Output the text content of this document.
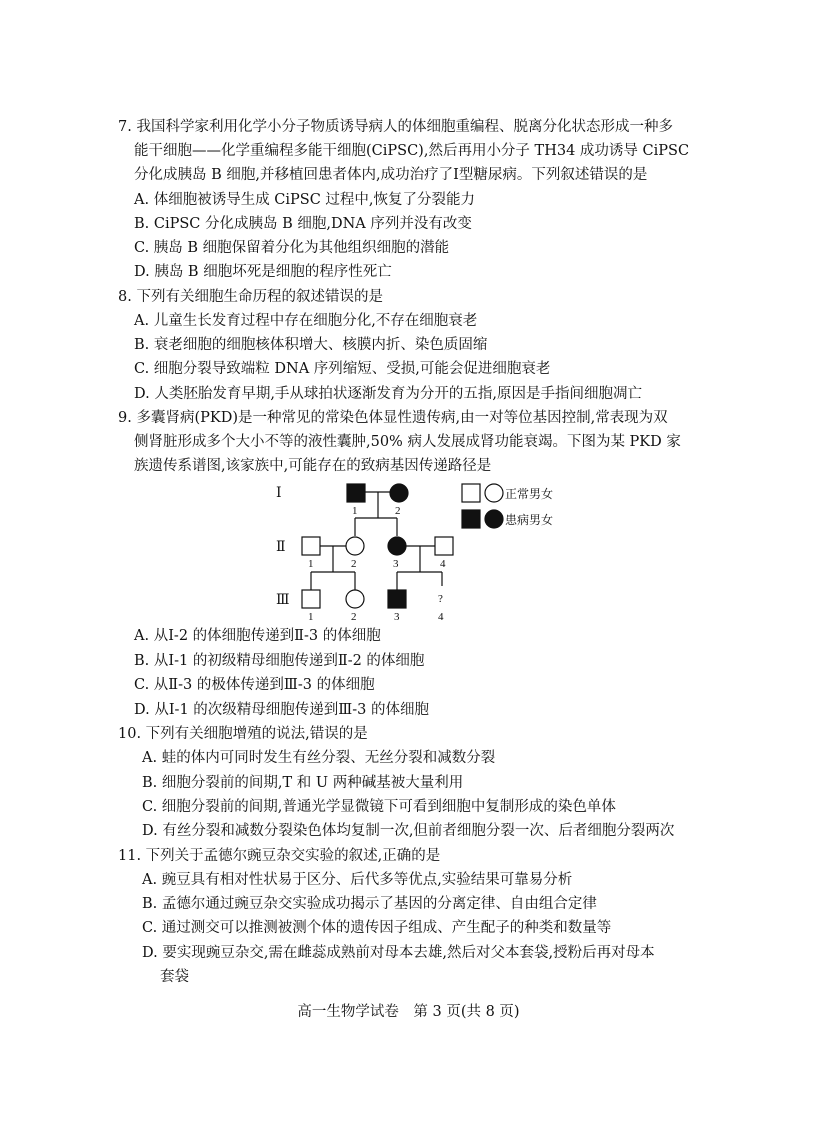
7. 我国科学家利用化学小分子物质诱导病人的体细胞重编程、脱离分化状态形成一种多
能干细胞——化学重编程多能干细胞(CiPSC),然后再用小分子 TH34 成功诱导 CiPSC
分化成胰岛 B 细胞,并移植回患者体内,成功治疗了Ⅰ型糖尿病。下列叙述错误的是
A. 体细胞被诱导生成 CiPSC 过程中,恢复了分裂能力
B. CiPSC 分化成胰岛 B 细胞,DNA 序列并没有改变
C. 胰岛 B 细胞保留着分化为其他组织细胞的潜能
D. 胰岛 B 细胞坏死是细胞的程序性死亡
8. 下列有关细胞生命历程的叙述错误的是
A. 儿童生长发育过程中存在细胞分化,不存在细胞衰老
B. 衰老细胞的细胞核体积增大、核膜内折、染色质固缩
C. 细胞分裂导致端粒 DNA 序列缩短、受损,可能会促进细胞衰老
D. 人类胚胎发育早期,手从球拍状逐渐发育为分开的五指,原因是手指间细胞凋亡
9. 多囊肾病(PKD)是一种常见的常染色体显性遗传病,由一对等位基因控制,常表现为双
侧肾脏形成多个大小不等的液性囊肿,50% 病人发展成肾功能衰竭。下图为某 PKD 家
族遗传系谱图,该家族中,可能存在的致病基因传递路径是
Ⅰ
Ⅱ
Ⅲ
1	2
1	2	3	4
?
1	2	3	4
正常男女
患病男女
A. 从Ⅰ-2 的体细胞传递到Ⅱ-3 的体细胞
B. 从Ⅰ-1 的初级精母细胞传递到Ⅱ-2 的体细胞
C. 从Ⅱ-3 的极体传递到Ⅲ-3 的体细胞
D. 从Ⅰ-1 的次级精母细胞传递到Ⅲ-3 的体细胞
10. 下列有关细胞增殖的说法,错误的是
A. 蛙的体内可同时发生有丝分裂、无丝分裂和减数分裂
B. 细胞分裂前的间期,T 和 U 两种碱基被大量利用
C. 细胞分裂前的间期,普通光学显微镜下可看到细胞中复制形成的染色单体
D. 有丝分裂和减数分裂染色体均复制一次,但前者细胞分裂一次、后者细胞分裂两次
11. 下列关于孟德尔豌豆杂交实验的叙述,正确的是
A. 豌豆具有相对性状易于区分、后代多等优点,实验结果可靠易分析
B. 孟德尔通过豌豆杂交实验成功揭示了基因的分离定律、自由组合定律
C. 通过测交可以推测被测个体的遗传因子组成、产生配子的种类和数量等
D. 要实现豌豆杂交,需在雌蕊成熟前对母本去雄,然后对父本套袋,授粉后再对母本
套袋
高一生物学试卷　第 3 页(共 8 页)
